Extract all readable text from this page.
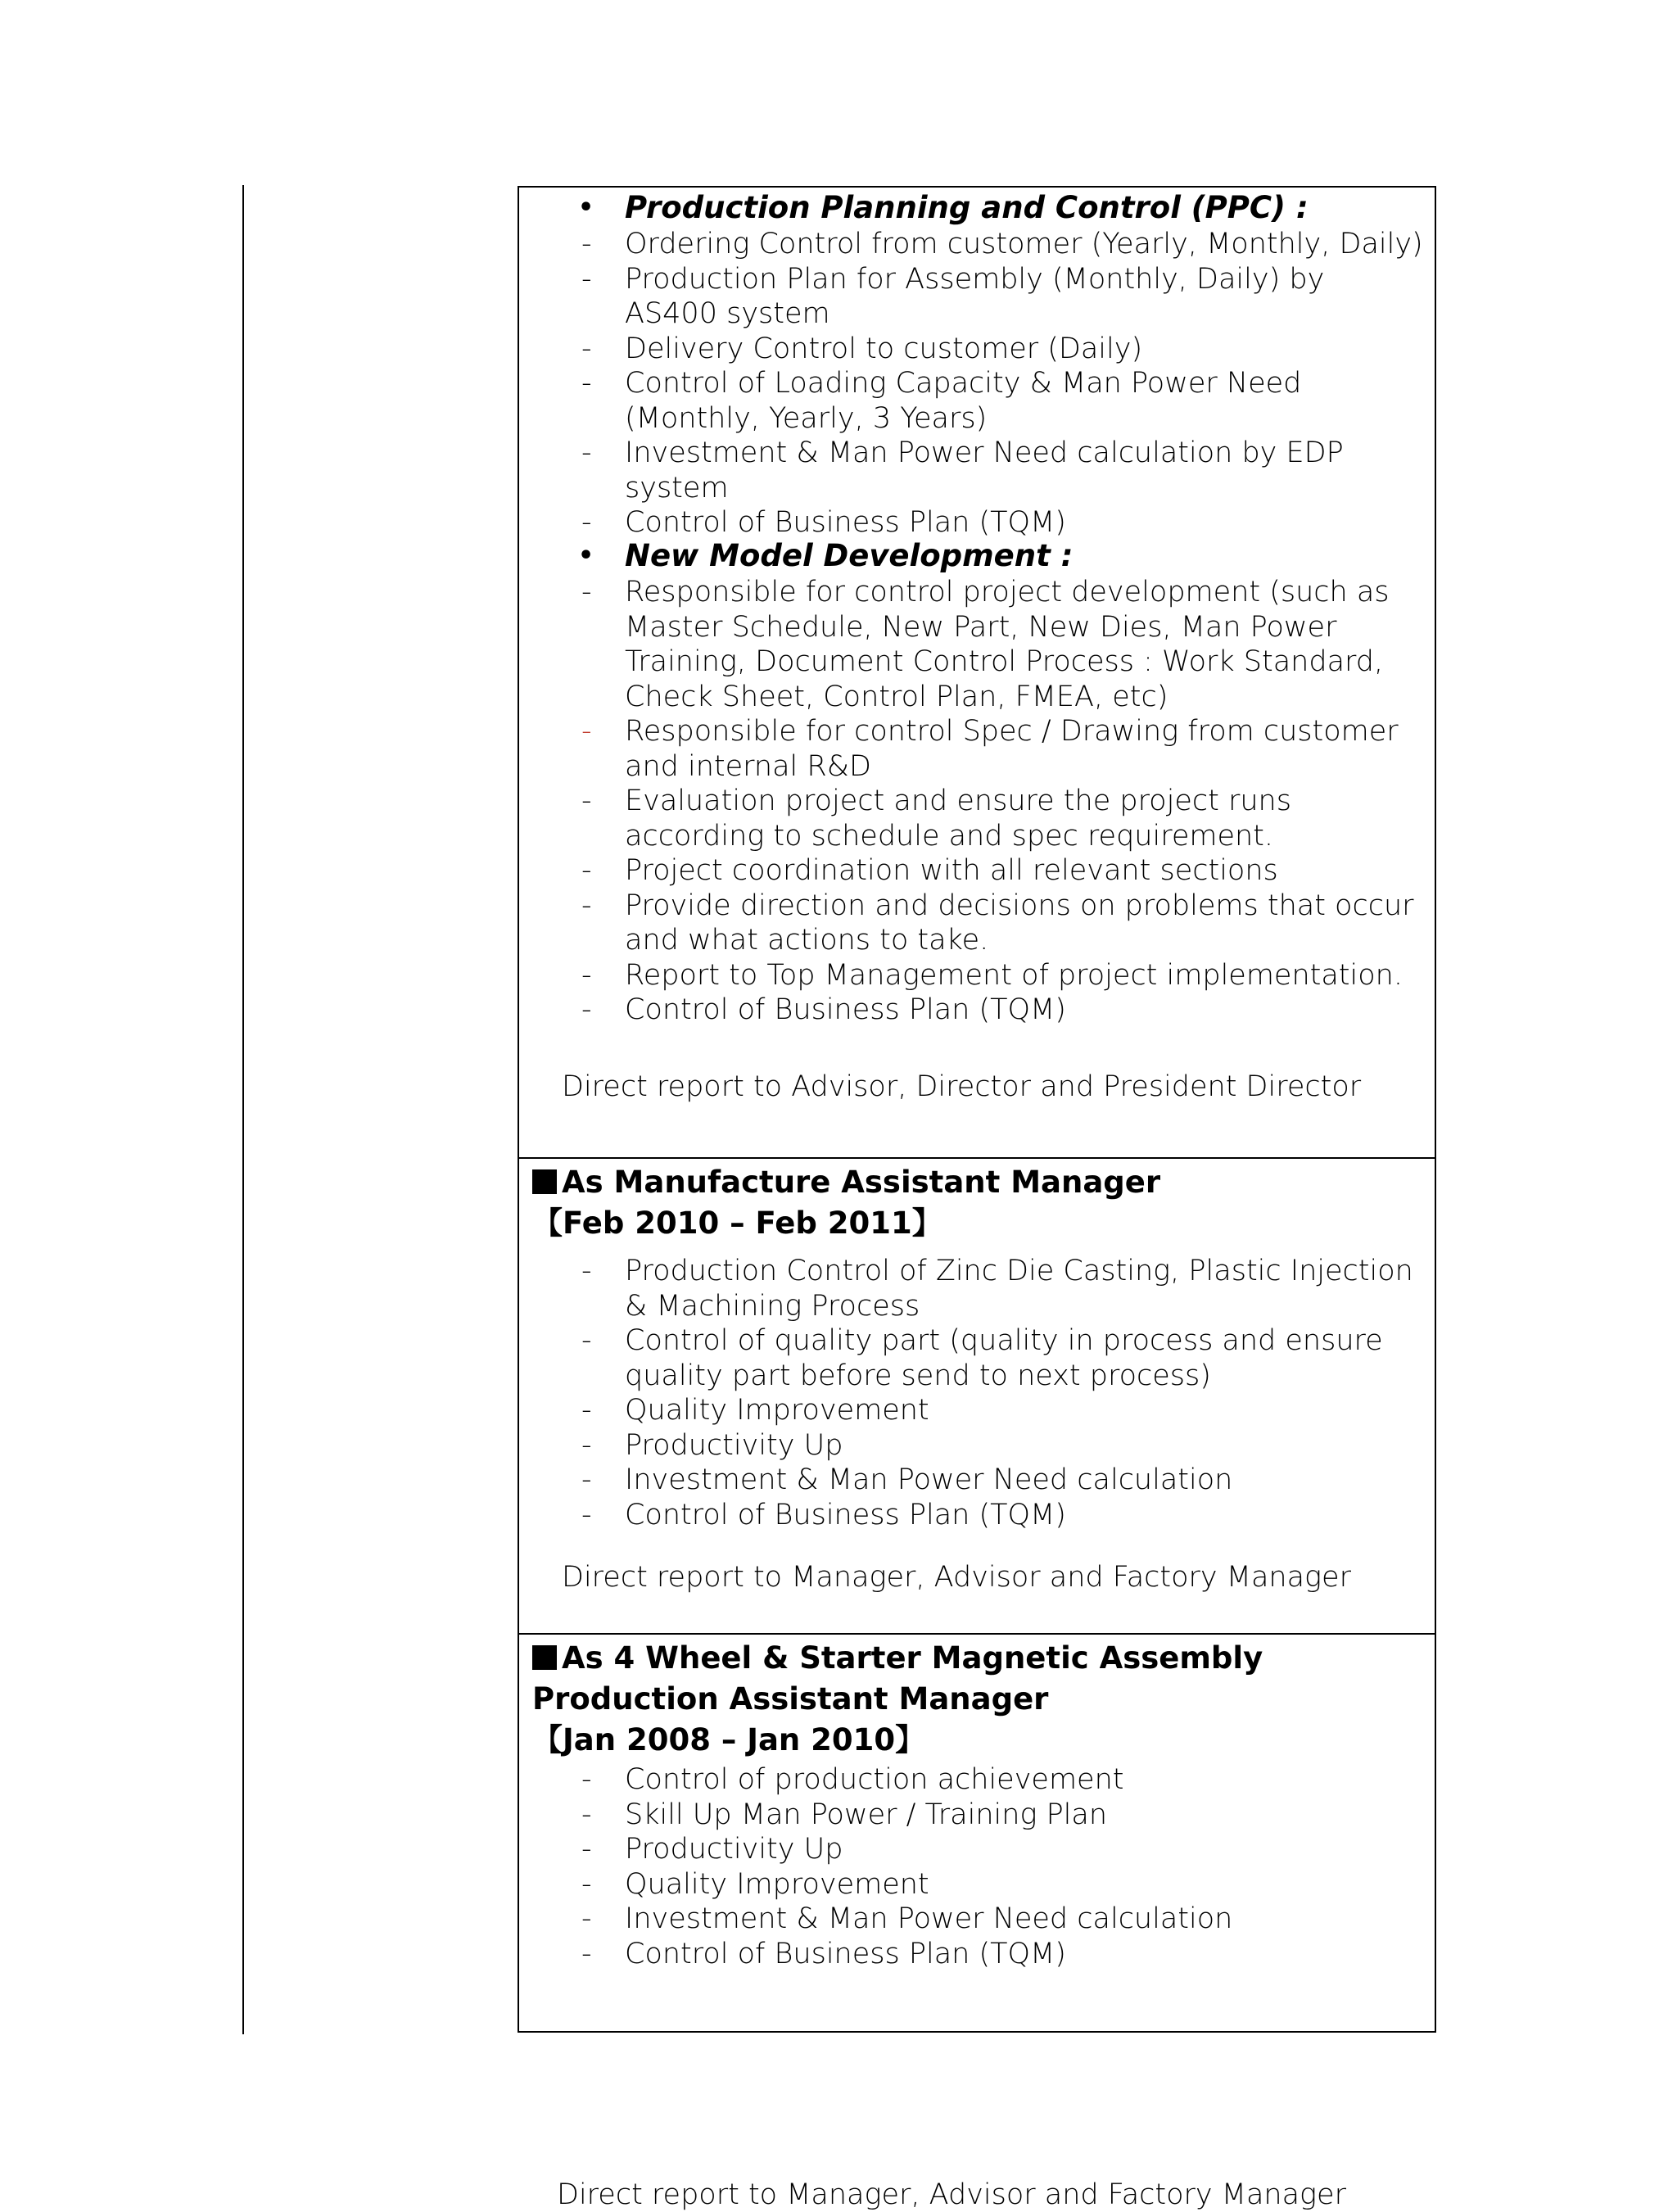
• Production Planning and Control (PPC) :
- Ordering Control from customer (Yearly, Monthly, Daily)
- Production Plan for Assembly (Monthly, Daily) by AS400 system
- Delivery Control to customer (Daily)
- Control of Loading Capacity & Man Power Need (Monthly, Yearly, 3 Years)
- Investment & Man Power Need calculation by EDP system
- Control of Business Plan (TQM)
• New Model Development :
- Responsible for control project development (such as Master Schedule, New Part, New Dies, Man Power Training, Document Control Process : Work Standard, Check Sheet, Control Plan, FMEA, etc)
- Responsible for control Spec / Drawing from customer and internal R&D
- Evaluation project and ensure the project runs according to schedule and spec requirement.
- Project coordination with all relevant sections
- Provide direction and decisions on problems that occur and what actions to take.
- Report to Top Management of project implementation.
- Control of Business Plan (TQM)
Direct report to Advisor, Director and President Director
As Manufacture Assistant Manager
【Feb 2010 – Feb 2011】
- Production Control of Zinc Die Casting, Plastic Injection & Machining Process
- Control of quality part (quality in process and ensure quality part before send to next process)
- Quality Improvement
- Productivity Up
- Investment & Man Power Need calculation
- Control of Business Plan (TQM)
Direct report to Manager, Advisor and Factory Manager
As 4 Wheel & Starter Magnetic Assembly Production Assistant Manager
【Jan 2008 – Jan 2010】
- Control of production achievement
- Skill Up Man Power / Training Plan
- Productivity Up
- Quality Improvement
- Investment & Man Power Need calculation
- Control of Business Plan (TQM)
Direct report to Manager, Advisor and Factory Manager
